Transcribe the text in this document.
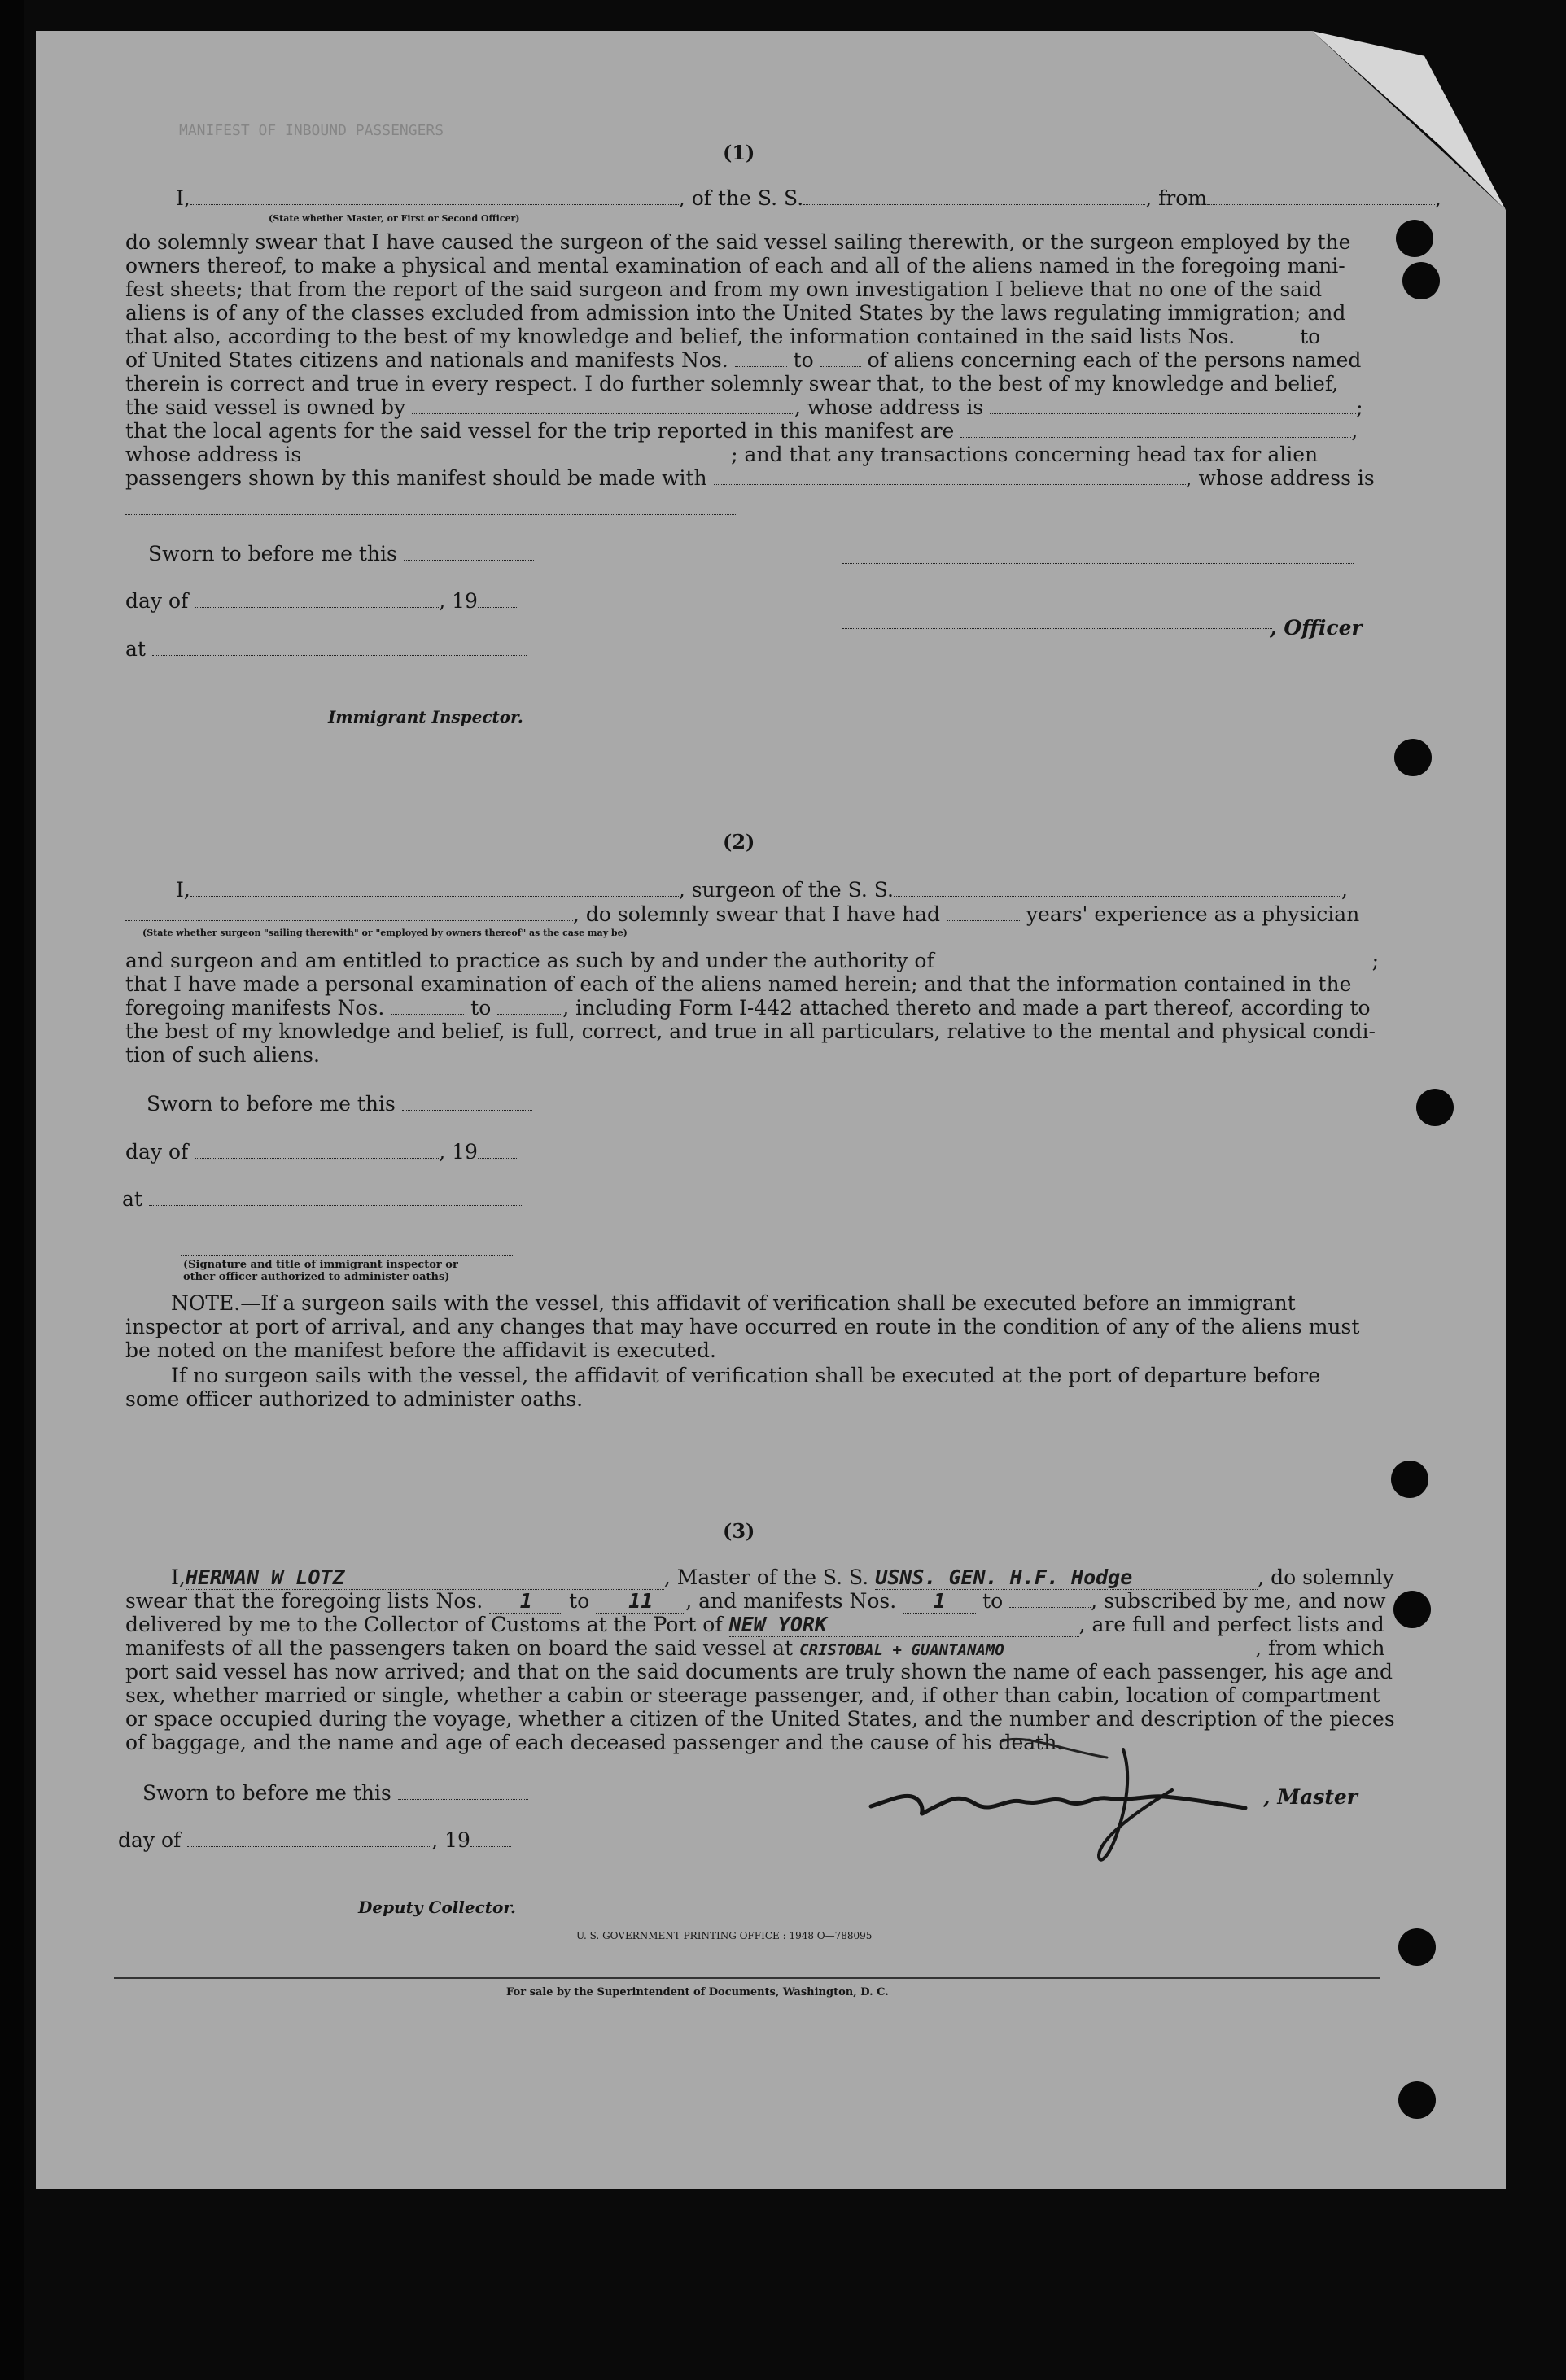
MANIFEST OF INBOUND PASSENGERS
(1)
I,	, of the S. S.	, from	,
(State whether Master, or First or Second Officer)
do solemnly swear that I have caused the surgeon of the said vessel sailing therewith, or the surgeon employed by the
owners thereof, to make a physical and mental examination of each and all of the aliens named in the foregoing mani-
fest sheets; that from the report of the said surgeon and from my own investigation I believe that no one of the said
aliens is of any of the classes excluded from admission into the United States by the laws regulating immigration; and
that also, according to the best of my knowledge and belief, the information contained in the said lists Nos.	to
of United States citizens and nationals and manifests Nos.	to	of aliens concerning each of the persons named
therein is correct and true in every respect. I do further solemnly swear that, to the best of my knowledge and belief,
the said vessel is owned by	, whose address is	;
that the local agents for the said vessel for the trip reported in this manifest are	,
whose address is	; and that any transactions concerning head tax for alien
passengers shown by this manifest should be made with	, whose address is
Sworn to before me this
day of	, 19
at
Immigrant Inspector.
, Officer
(2)
I,	, surgeon of the S. S.	,
, do solemnly swear that I have had	years' experience as a physician
(State whether surgeon "sailing therewith" or "employed by owners thereof" as the case may be)
and surgeon and am entitled to practice as such by and under the authority of	;
that I have made a personal examination of each of the aliens named herein; and that the information contained in the
foregoing manifests Nos.	to	, including Form I-442 attached thereto and made a part thereof, according to
the best of my knowledge and belief, is full, correct, and true in all particulars, relative to the mental and physical condi-
tion of such aliens.
Sworn to before me this
day of	, 19
at
(Signature and title of immigrant inspector or
other officer authorized to administer oaths)
NOTE.—If a surgeon sails with the vessel, this affidavit of verification shall be executed before an immigrant
inspector at port of arrival, and any changes that may have occurred en route in the condition of any of the aliens must
be noted on the manifest before the affidavit is executed.
If no surgeon sails with the vessel, the affidavit of verification shall be executed at the port of departure before
some officer authorized to administer oaths.
(3)
I,HERMAN W LOTZ	, Master of the S. S. USNS. GEN. H.F. Hodge	, do solemnly
swear that the foregoing lists Nos. 1 to 11 , and manifests Nos. 1 to	, subscribed by me, and now
delivered by me to the Collector of Customs at the Port of NEW YORK	, are full and perfect lists and
manifests of all the passengers taken on board the said vessel at CRISTOBAL + GUANTANAMO	, from which
port said vessel has now arrived; and that on the said documents are truly shown the name of each passenger, his age and
sex, whether married or single, whether a cabin or steerage passenger, and, if other than cabin, location of compartment
or space occupied during the voyage, whether a citizen of the United States, and the number and description of the pieces
of baggage, and the name and age of each deceased passenger and the cause of his death.
Sworn to before me this
day of	, 19
Deputy Collector.
, Master
U. S. GOVERNMENT PRINTING OFFICE : 1948 O—788095
For sale by the Superintendent of Documents, Washington, D. C.
